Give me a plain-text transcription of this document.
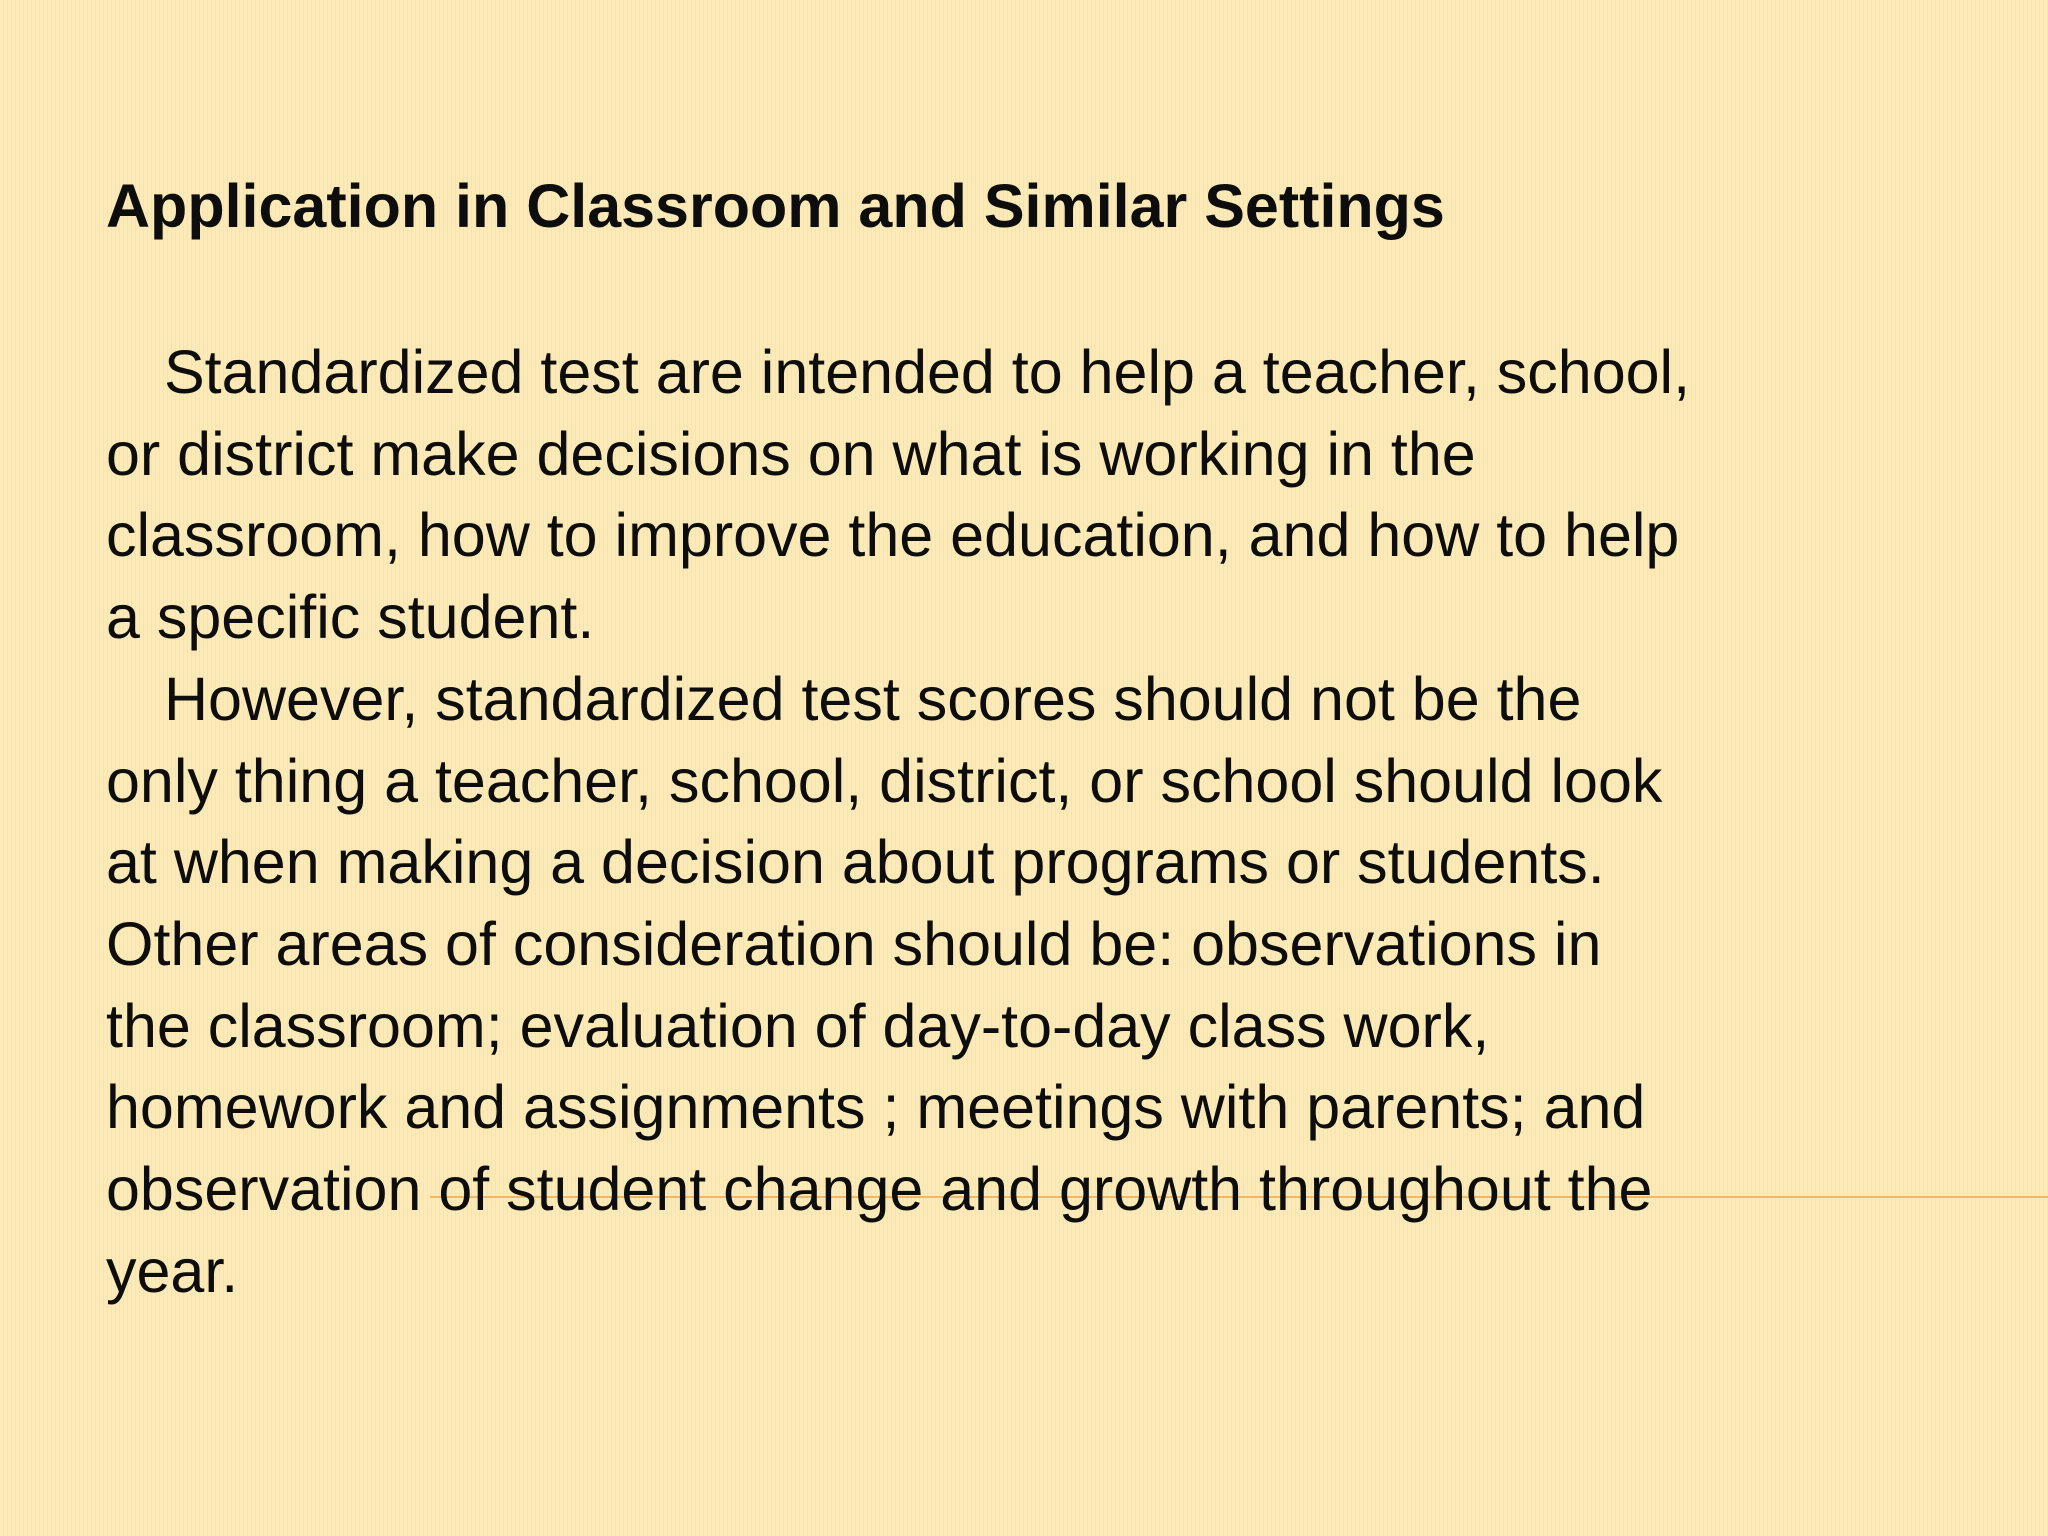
Application in Classroom and Similar Settings

Standardized test are intended to help a teacher, school,

or district make decisions on what is working in the

classroom, how to improve the education, and how to help

a specific student.

However, standardized test scores should not be the

only thing a teacher, school, district, or school should look

at when making a decision about programs or students.

Other areas of consideration should be: observations in

the classroom; evaluation of day-to-day class work,

homework and assignments ; meetings with parents; and

observation of student change and growth throughout the

year.
